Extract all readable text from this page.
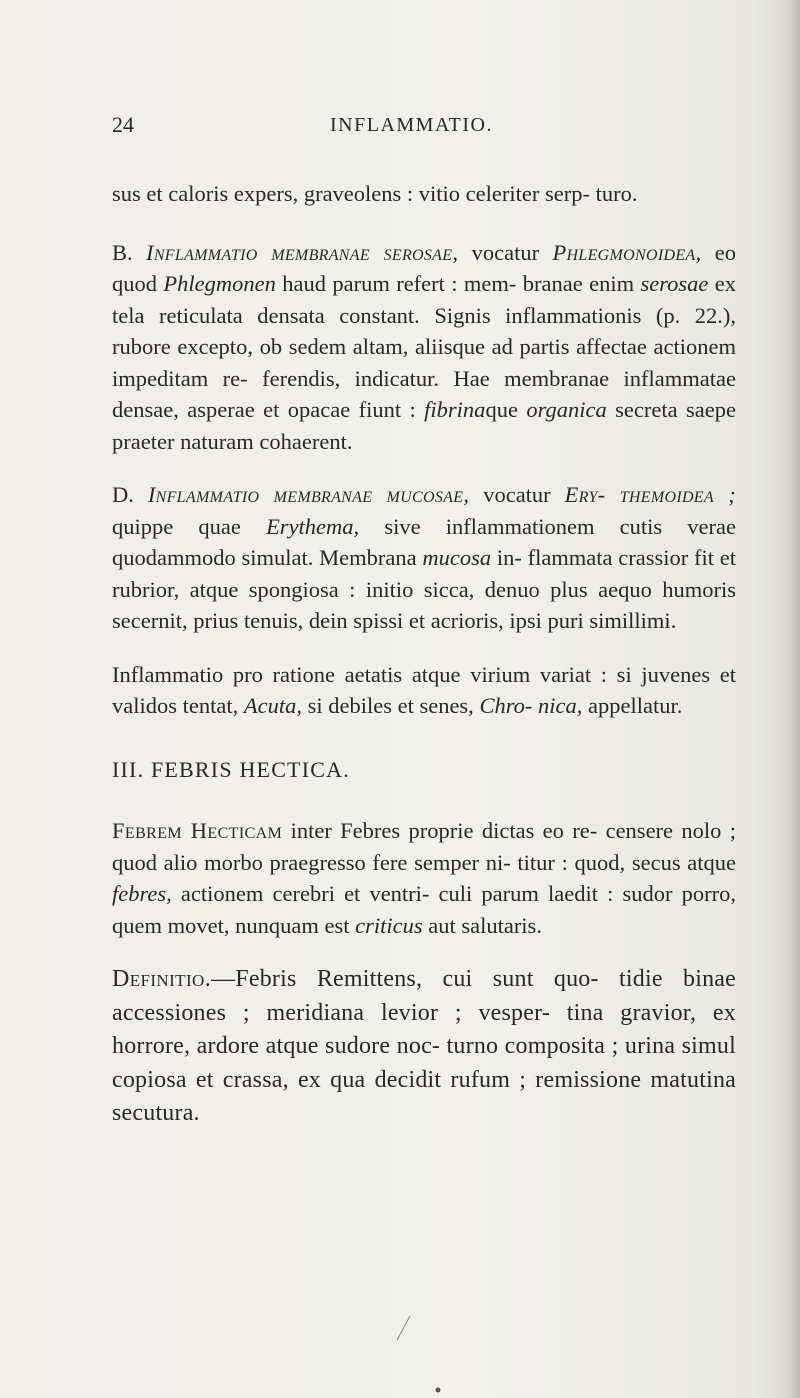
24	INFLAMMATIO.

sus et caloris expers, graveolens : vitio celeriter serp- turo.

B. Inflammatio membranae serosae, vocatur Phlegmonoidea, eo quod Phlegmonen haud parum refert : mem- branae enim serosae ex tela reticulata densata constant. Signis inflammationis (p. 22.), rubore excepto, ob sedem altam, aliisque ad partis affectae actionem impeditam re- ferendis, indicatur. Hae membranae inflammatae densae, asperae et opacae fiunt : fibrinaque organica secreta saepe praeter naturam cohaerent.

D. Inflammatio membranae mucosae, vocatur Ery- themoidea ; quippe quae Erythema, sive inflammationem cutis verae quodammodo simulat. Membrana mucosa in- flammata crassior fit et rubrior, atque spongiosa : initio sicca, denuo plus aequo humoris secernit, prius tenuis, dein spissi et acrioris, ipsi puri simillimi.

Inflammatio pro ratione aetatis atque virium variat : si juvenes et validos tentat, Acuta, si debiles et senes, Chro- nica, appellatur.

III. FEBRIS HECTICA.

Febrem Hecticam inter Febres proprie dictas eo re- censere nolo ; quod alio morbo praegresso fere semper ni- titur : quod, secus atque febres, actionem cerebri et ventri- culi parum laedit : sudor porro, quem movet, nunquam est criticus aut salutaris.

Definitio.—Febris Remittens, cui sunt quo- tidie binae accessiones ; meridiana levior ; vesper- tina gravior, ex horrore, ardore atque sudore noc- turno composita ; urina simul copiosa et crassa, ex qua decidit rufum ; remissione matutina secutura.
